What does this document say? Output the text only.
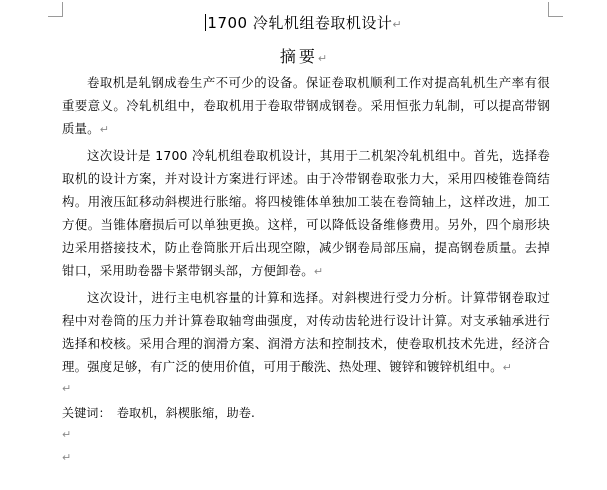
1700 冷轧机组卷取机设计↵
摘要↵

卷取机是轧钢成卷生产不可少的设备。保证卷取机顺利工作对提高轧机生产率有很重要意义。冷轧机组中，卷取机用于卷取带钢成钢卷。采用恒张力轧制，可以提高带钢质量。↵

这次设计是 1700 冷轧机组卷取机设计，其用于二机架冷轧机组中。首先，选择卷取机的设计方案，并对设计方案进行评述。由于冷带钢卷取张力大，采用四棱锥卷筒结构。用液压缸移动斜楔进行胀缩。将四棱锥体单独加工装在卷筒轴上，这样改进，加工方便。当锥体磨损后可以单独更换。这样，可以降低设备维修费用。另外，四个扇形块边采用搭接技术，防止卷筒胀开后出现空隙，减少钢卷局部压扁，提高钢卷质量。去掉钳口，采用助卷器卡紧带钢头部，方便卸卷。↵

这次设计，进行主电机容量的计算和选择。对斜楔进行受力分析。计算带钢卷取过程中对卷筒的压力并计算卷取轴弯曲强度，对传动齿轮进行设计计算。对支承轴承进行选择和校核。采用合理的润滑方案、润滑方法和控制技术，使卷取机技术先进，经济合理。强度足够，有广泛的使用价值，可用于酸洗、热处理、镀锌和镀锌机组中。↵

↵
关键词： 卷取机，斜楔胀缩，助卷.
↵
↵
